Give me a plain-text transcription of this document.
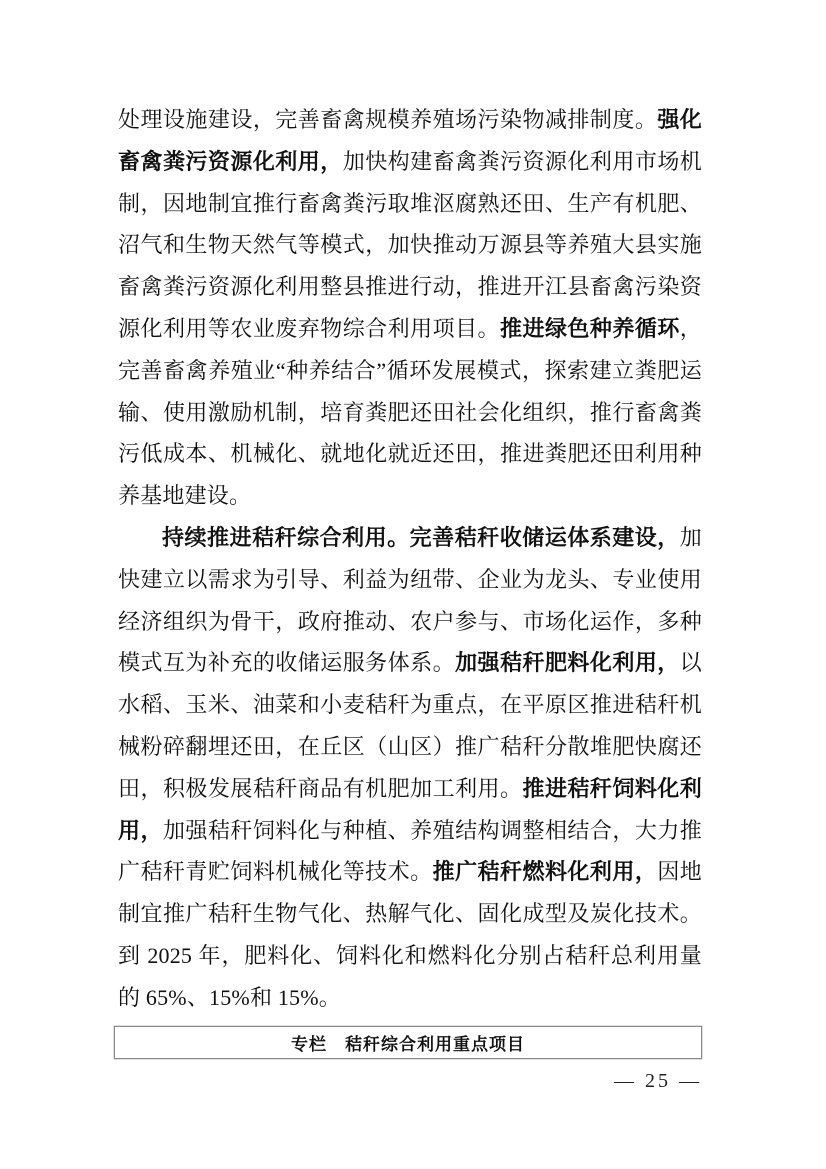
处理设施建设，完善畜禽规模养殖场污染物减排制度。强化畜禽粪污资源化利用，加快构建畜禽粪污资源化利用市场机制，因地制宜推行畜禽粪污取堆沤腐熟还田、生产有机肥、沼气和生物天然气等模式，加快推动万源县等养殖大县实施畜禽粪污资源化利用整县推进行动，推进开江县畜禽污染资源化利用等农业废弃物综合利用项目。推进绿色种养循环，完善畜禽养殖业“种养结合”循环发展模式，探索建立粪肥运输、使用激励机制，培育粪肥还田社会化组织，推行畜禽粪污低成本、机械化、就地化就近还田，推进粪肥还田利用种养基地建设。

持续推进秸秆综合利用。完善秸秆收储运体系建设，加快建立以需求为引导、利益为纽带、企业为龙头、专业使用经济组织为骨干，政府推动、农户参与、市场化运作，多种模式互为补充的收储运服务体系。加强秸秆肥料化利用，以水稻、玉米、油菜和小麦秸秆为重点，在平原区推进秸秆机械粉碎翻埋还田，在丘区（山区）推广秸秆分散堆肥快腐还田，积极发展秸秆商品有机肥加工利用。推进秸秆饲料化利用，加强秸秆饲料化与种植、养殖结构调整相结合，大力推广秸秆青贮饲料机械化等技术。推广秸秆燃料化利用，因地制宜推广秸秆生物气化、热解气化、固化成型及炭化技术。到 2025 年，肥料化、饲料化和燃料化分别占秸秆总利用量的 65%、15%和 15%。

专栏　秸秆综合利用重点项目
— 25 —
